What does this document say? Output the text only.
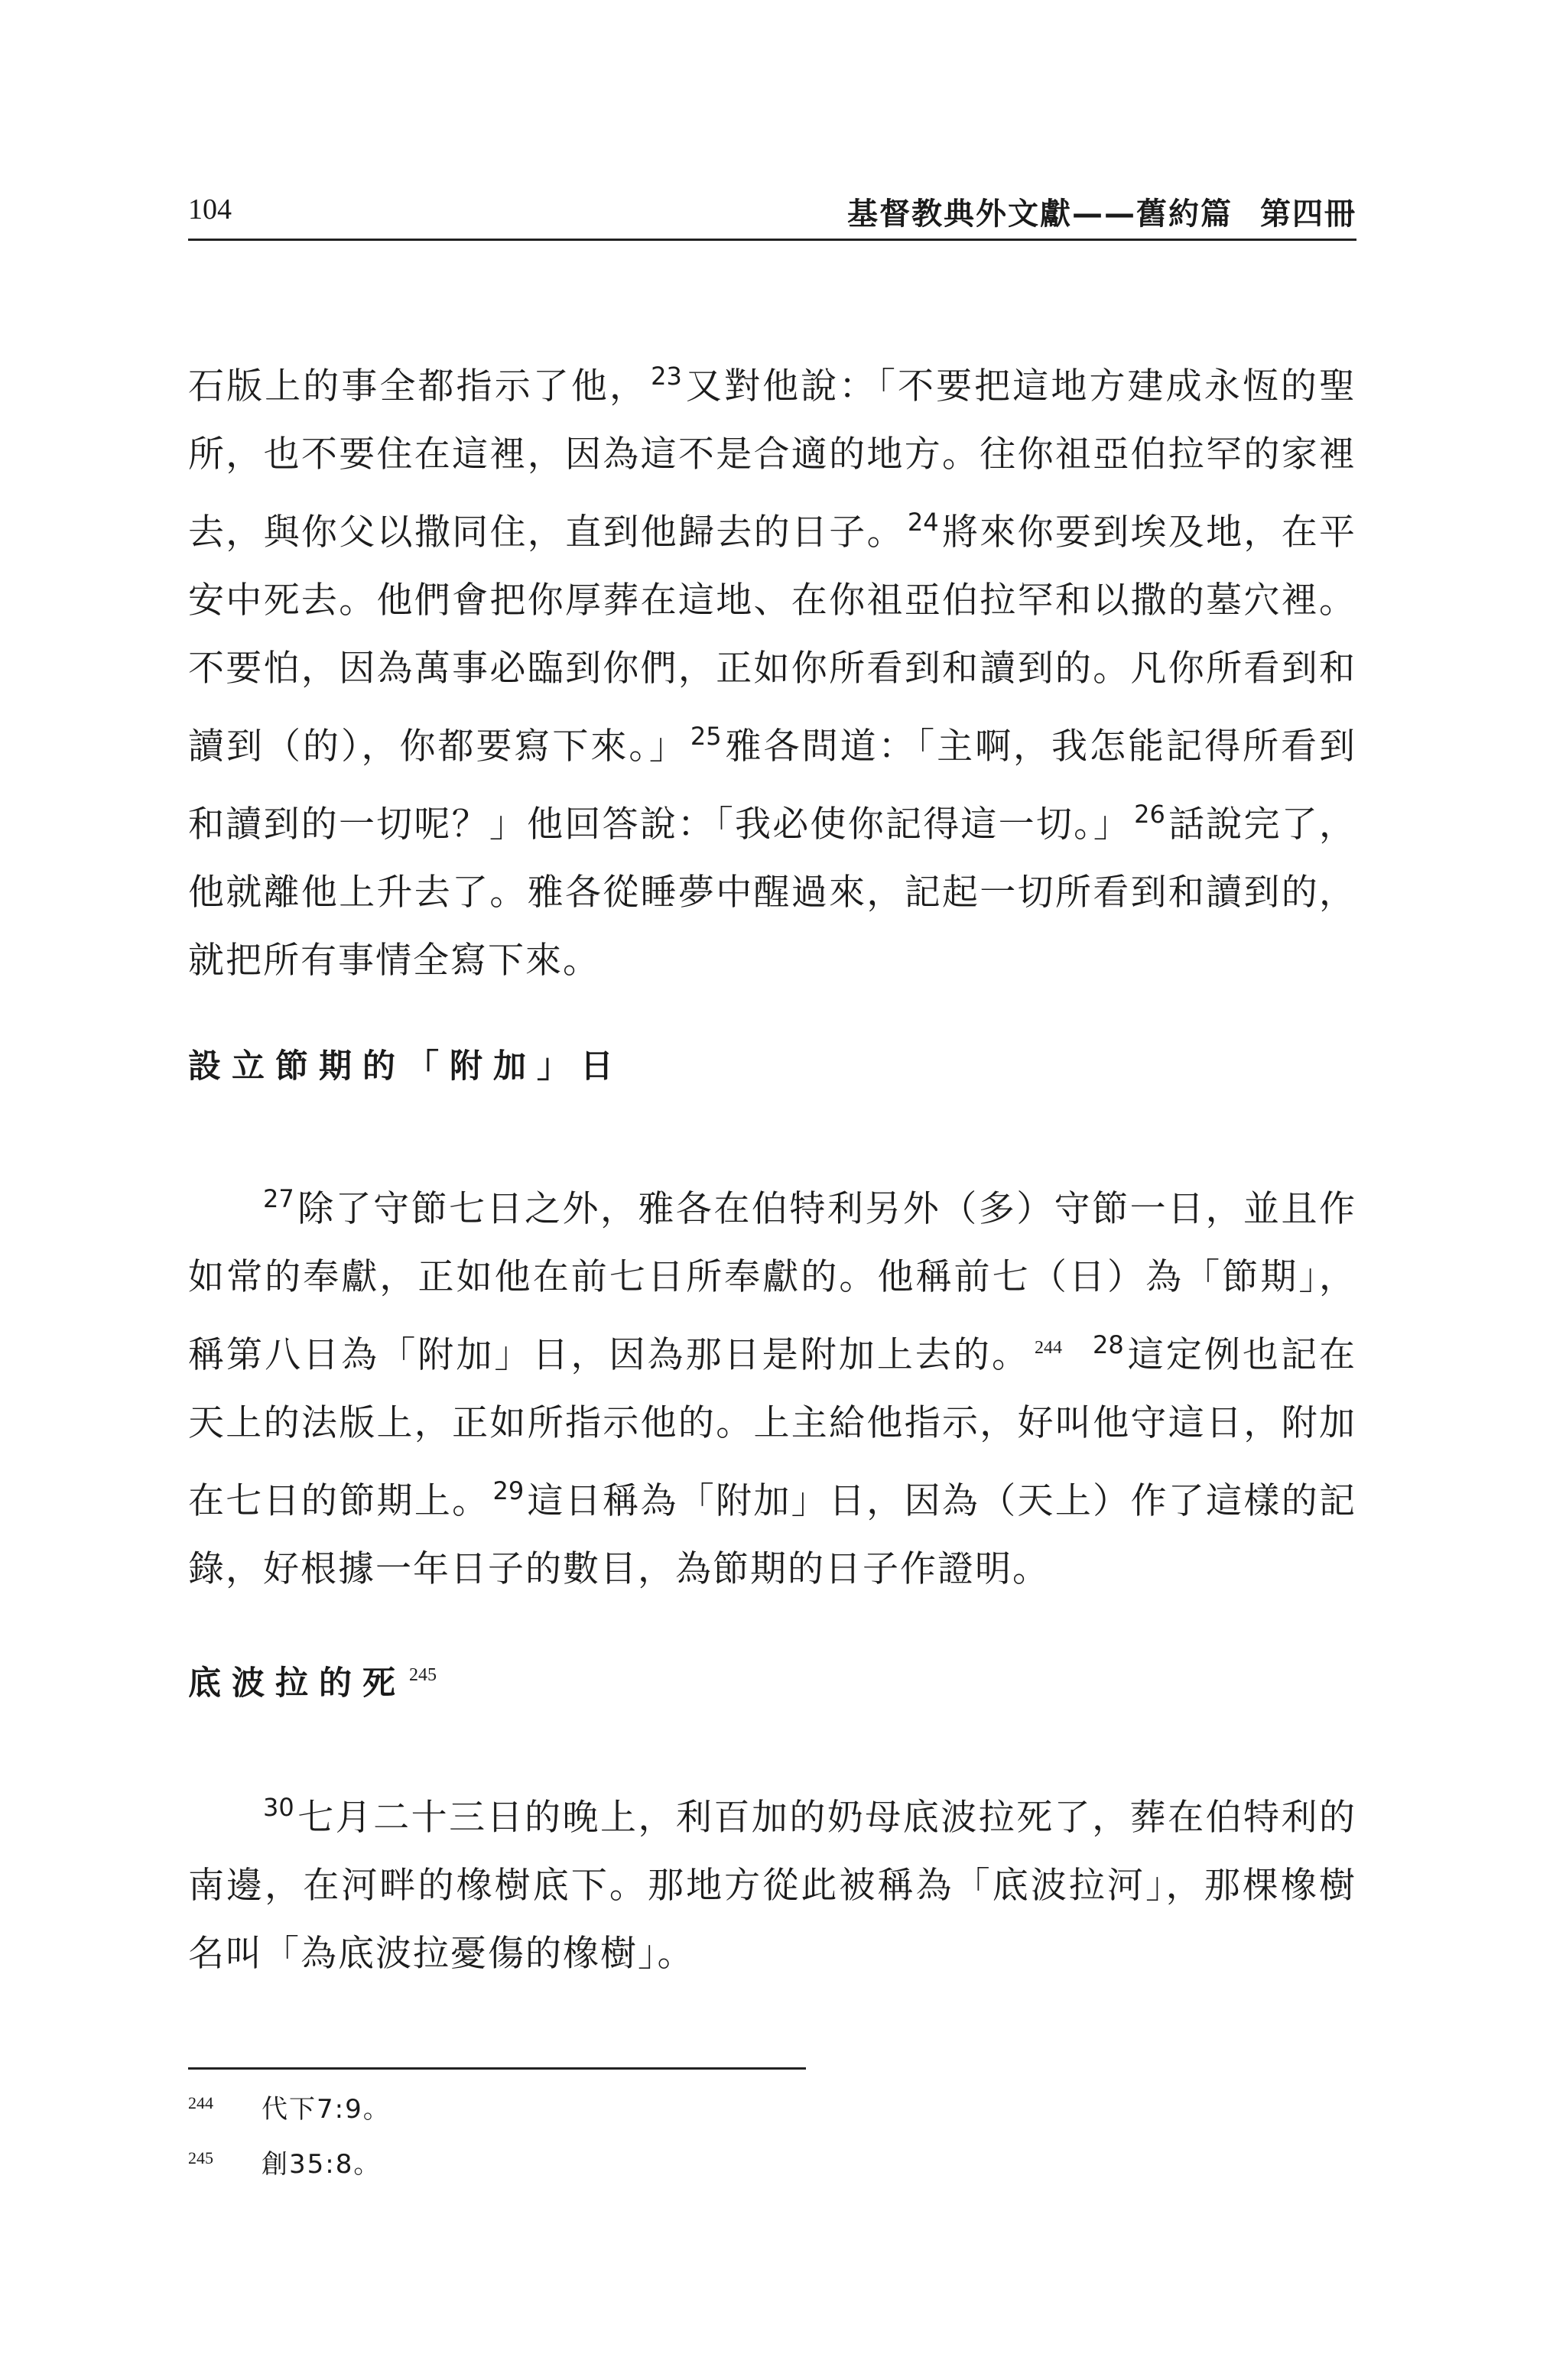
104	基督教典外文獻——舊約篇 第四冊

石版上的事全都指示了他， $^{23}$又對他說：「不要把這地方建成永恆的聖所，也不要住在這裡，因為這不是合適的地方。往你祖亞伯拉罕的家裡去，與你父以撒同住，直到他歸去的日子。 $^{24}$將來你要到埃及地，在平安中死去。他們會把你厚葬在這地、在你祖亞伯拉罕和以撒的墓穴裡。不要怕，因為萬事必臨到你們，正如你所看到和讀到的。凡你所看到和讀到（的），你都要寫下來。」 $^{25}$雅各問道：「主啊，我怎能記得所看到和讀到的一切呢？」他回答說：「我必使你記得這一切。」 $^{26}$話說完了，他就離他上升去了。雅各從睡夢中醒過來，記起一切所看到和讀到的，就把所有事情全寫下來。

設立節期的「附加」日

$^{27}$除了守節七日之外，雅各在伯特利另外（多）守節一日，並且作如常的奉獻，正如他在前七日所奉獻的。他稱前七（日）為「節期」，稱第八日為「附加」日，因為那日是附加上去的。 $^{244}$ $^{28}$這定例也記在天上的法版上，正如所指示他的。上主給他指示，好叫他守這日，附加在七日的節期上。 $^{29}$這日稱為「附加」日，因為（天上）作了這樣的記錄，好根據一年日子的數目，為節期的日子作證明。

底波拉的死 $^{245}$

$^{30}$七月二十三日的晚上，利百加的奶母底波拉死了，葬在伯特利的南邊，在河畔的橡樹底下。那地方從此被稱為「底波拉河」，那棵橡樹名叫「為底波拉憂傷的橡樹」。

244 代下7:9。
245 創35:8。
